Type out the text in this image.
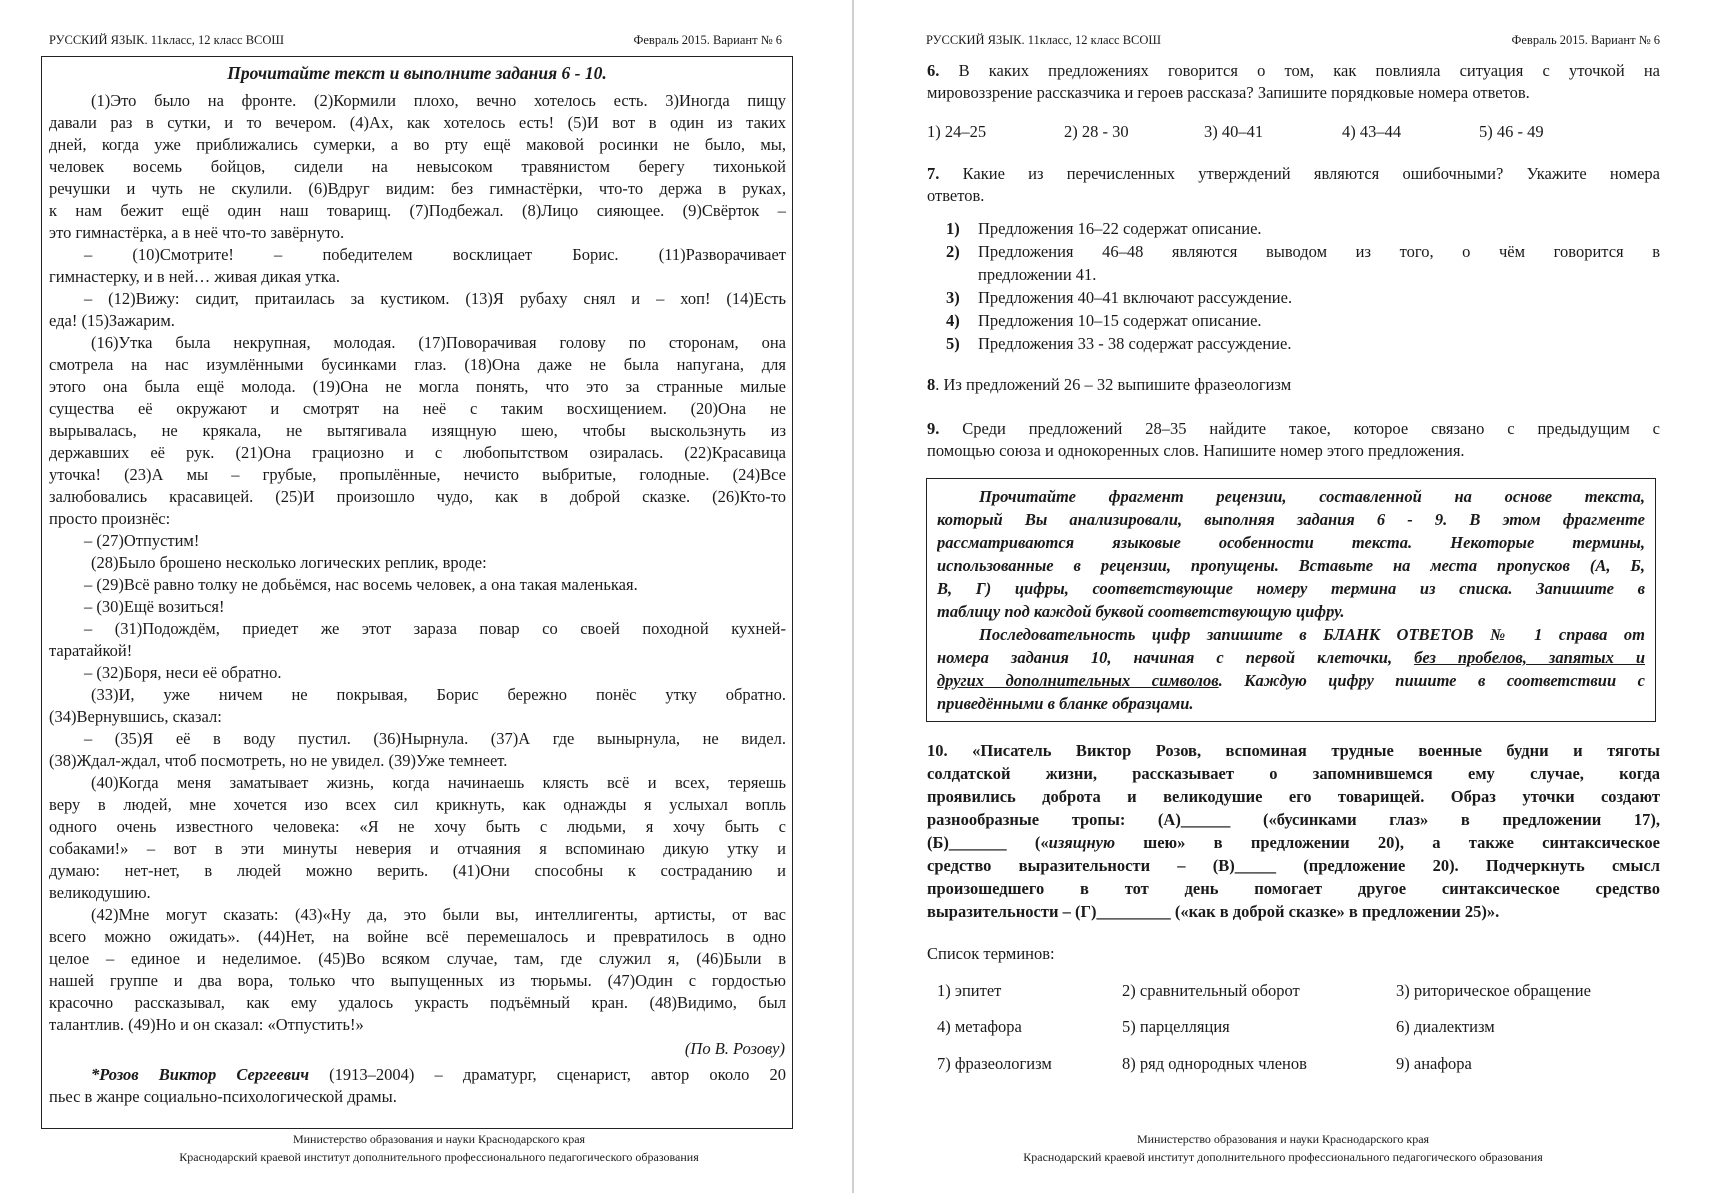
РУССКИЙ ЯЗЫК. 11класс, 12 класс ВСОШ	Февраль 2015. Вариант № 6
Прочитайте текст и выполните задания 6 - 10.
(1)Это было на фронте. (2)Кормили плохо, вечно хотелось есть. 3)Иногда пищу
давали раз в сутки, и то вечером. (4)Ах, как хотелось есть! (5)И вот в один из таких
дней, когда уже приближались сумерки, а во рту ещё маковой росинки не было, мы,
человек восемь бойцов, сидели на невысоком травянистом берегу тихонькой
речушки и чуть не скулили. (6)Вдруг видим: без гимнастёрки, что-то держа в руках,
к нам бежит ещё один наш товарищ. (7)Подбежал. (8)Лицо сияющее. (9)Свёрток –
это гимнастёрка, а в неё что-то завёрнуто.
– (10)Смотрите! – победителем восклицает Борис. (11)Разворачивает
гимнастерку, и в ней… живая дикая утка.
– (12)Вижу: сидит, притаилась за кустиком. (13)Я рубаху снял и – хоп! (14)Есть
еда! (15)Зажарим.
(16)Утка была некрупная, молодая. (17)Поворачивая голову по сторонам, она
смотрела на нас изумлёнными бусинками глаз. (18)Она даже не была напугана, для
этого она была ещё молода. (19)Она не могла понять, что это за странные милые
существа её окружают и смотрят на неё с таким восхищением. (20)Она не
вырывалась, не крякала, не вытягивала изящную шею, чтобы выскользнуть из
державших её рук. (21)Она грациозно и с любопытством озиралась. (22)Красавица
уточка! (23)А мы – грубые, пропылённые, нечисто выбритые, голодные. (24)Все
залюбовались красавицей. (25)И произошло чудо, как в доброй сказке. (26)Кто-то
просто произнёс:
– (27)Отпустим!
(28)Было брошено несколько логических реплик, вроде:
– (29)Всё равно толку не добьёмся, нас восемь человек, а она такая маленькая.
– (30)Ещё возиться!
– (31)Подождём, приедет же этот зараза повар со своей походной кухней-
таратайкой!
– (32)Боря, неси её обратно.
(33)И, уже ничем не покрывая, Борис бережно понёс утку обратно.
(34)Вернувшись, сказал:
– (35)Я её в воду пустил. (36)Нырнула. (37)А где вынырнула, не видел.
(38)Ждал-ждал, чтоб посмотреть, но не увидел. (39)Уже темнеет.
(40)Когда меня заматывает жизнь, когда начинаешь клясть всё и всех, теряешь
веру в людей, мне хочется изо всех сил крикнуть, как однажды я услыхал вопль
одного очень известного человека: «Я не хочу быть с людьми, я хочу быть с
собаками!» – вот в эти минуты неверия и отчаяния я вспоминаю дикую утку и
думаю: нет-нет, в людей можно верить. (41)Они способны к состраданию и
великодушию.
(42)Мне могут сказать: (43)«Ну да, это были вы, интеллигенты, артисты, от вас
всего можно ожидать». (44)Нет, на войне всё перемешалось и превратилось в одно
целое – единое и неделимое. (45)Во всяком случае, там, где служил я, (46)Были в
нашей группе и два вора, только что выпущенных из тюрьмы. (47)Один с гордостью
красочно рассказывал, как ему удалось украсть подъёмный кран. (48)Видимо, был
талантлив. (49)Но и он сказал: «Отпустить!»
(По В. Розову)
*Розов Виктор Сергеевич (1913–2004) – драматург, сценарист, автор около 20
пьес в жанре социально-психологической драмы.
Министерство образования и науки Краснодарского края
Краснодарский краевой институт дополнительного профессионального педагогического образования
РУССКИЙ ЯЗЫК. 11класс, 12 класс ВСОШ	Февраль 2015. Вариант № 6
6. В каких предложениях говорится о том, как повлияла ситуация с уточкой на
мировоззрение рассказчика и героев рассказа? Запишите порядковые номера ответов.
1) 24–25	2) 28 - 30	3) 40–41	4) 43–44	5) 46 - 49
7. Какие из перечисленных утверждений являются ошибочными? Укажите номера
ответов.
1) Предложения 16–22 содержат описание.
2) Предложения 46–48 являются выводом из того, о чём говорится в
предложении 41.
3) Предложения 40–41 включают рассуждение.
4) Предложения 10–15 содержат описание.
5) Предложения 33 - 38 содержат рассуждение.
8. Из предложений 26 – 32 выпишите фразеологизм
9. Среди предложений 28–35 найдите такое, которое связано с предыдущим с
помощью союза и однокоренных слов. Напишите номер этого предложения.
Прочитайте фрагмент рецензии, составленной на основе текста,
который Вы анализировали, выполняя задания 6 - 9. В этом фрагменте
рассматриваются языковые особенности текста. Некоторые термины,
использованные в рецензии, пропущены. Вставьте на места пропусков (А, Б,
В, Г) цифры, соответствующие номеру термина из списка. Запишите в
таблицу под каждой буквой соответствующую цифру.
Последовательность цифр запишите в БЛАНК ОТВЕТОВ № 1 справа от
номера задания 10, начиная с первой клеточки, без пробелов, запятых и
других дополнительных символов. Каждую цифру пишите в соответствии с
приведёнными в бланке образцами.
10. «Писатель Виктор Розов, вспоминая трудные военные будни и тяготы
солдатской жизни, рассказывает о запомнившемся ему случае, когда
проявились доброта и великодушие его товарищей. Образ уточки создают
разнообразные тропы: (А)______ («бусинками глаз» в предложении 17),
(Б)_______ («изящную шею» в предложении 20), а также синтаксическое
средство выразительности – (В)_____ (предложение 20). Подчеркнуть смысл
произошедшего в тот день помогает другое синтаксическое средство
выразительности – (Г)_________ («как в доброй сказке» в предложении 25)».
Список терминов:
1) эпитет	2) сравнительный оборот	3) риторическое обращение
4) метафора	5) парцелляция	6) диалектизм
7) фразеологизм	8) ряд однородных членов	9) анафора
Министерство образования и науки Краснодарского края
Краснодарский краевой институт дополнительного профессионального педагогического образования
